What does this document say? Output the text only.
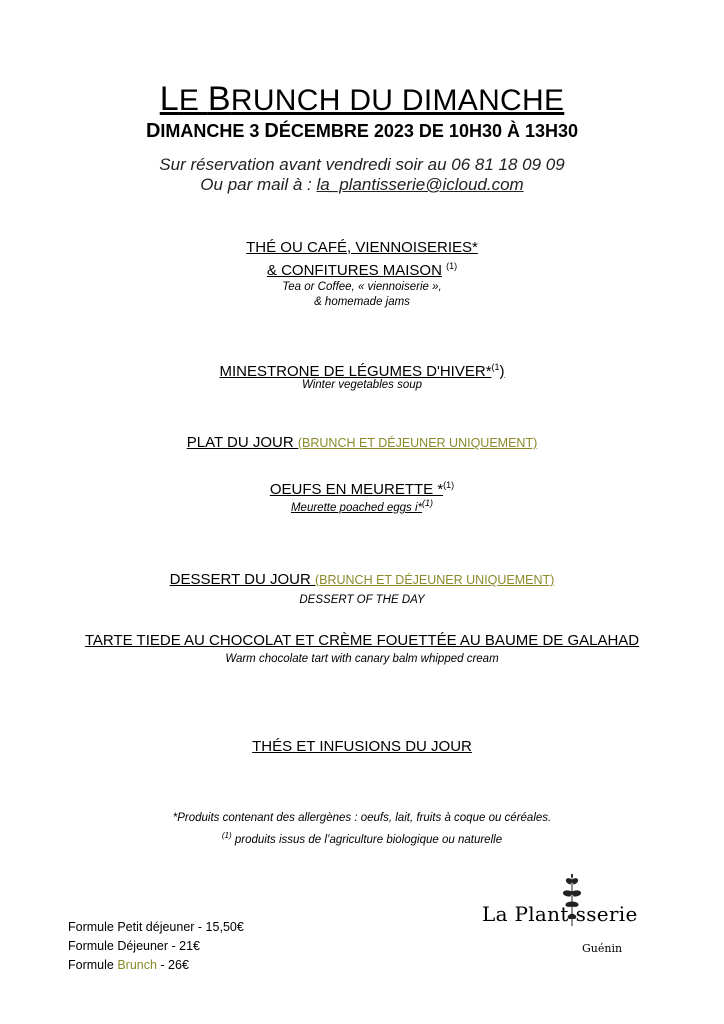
LE BRUNCH DU DIMANCHE
DIMANCHE 3 DÉCEMBRE 2023 DE 10H30 À 13H30
Sur réservation avant vendredi soir au 06 81 18 09 09
Ou par mail à : la_plantisserie@icloud.com
THÉ OU CAFÉ, VIENNOISERIES*
& CONFITURES MAISON $^{(1)}$
Tea or Coffee, « viennoiserie »,
& homemade jams
MINESTRONE DE LÉGUMES D'HIVER*$^{(1}$)
Winter vegetables soup
PLAT DU JOUR (BRUNCH ET DÉJEUNER UNIQUEMENT)
OEUFS EN MEURETTE *$^{(1)}$
Meurette poached eggs i*$^{(1)}$
DESSERT DU JOUR (BRUNCH ET DÉJEUNER UNIQUEMENT)
DESSERT OF THE DAY
TARTE TIEDE AU CHOCOLAT ET CRÈME FOUETTÉE AU BAUME DE GALAHAD
Warm chocolate tart with canary balm whipped cream
THÉS ET INFUSIONS DU JOUR
*Produits contenant des allergènes : oeufs, lait, fruits à coque ou céréales.
$^{(1)}$ produits issus de l’agriculture biologique ou naturelle
Formule Petit déjeuner - 15,50€
Formule Déjeuner - 21€
Formule Brunch - 26€
La Plant sserie
Guénin
